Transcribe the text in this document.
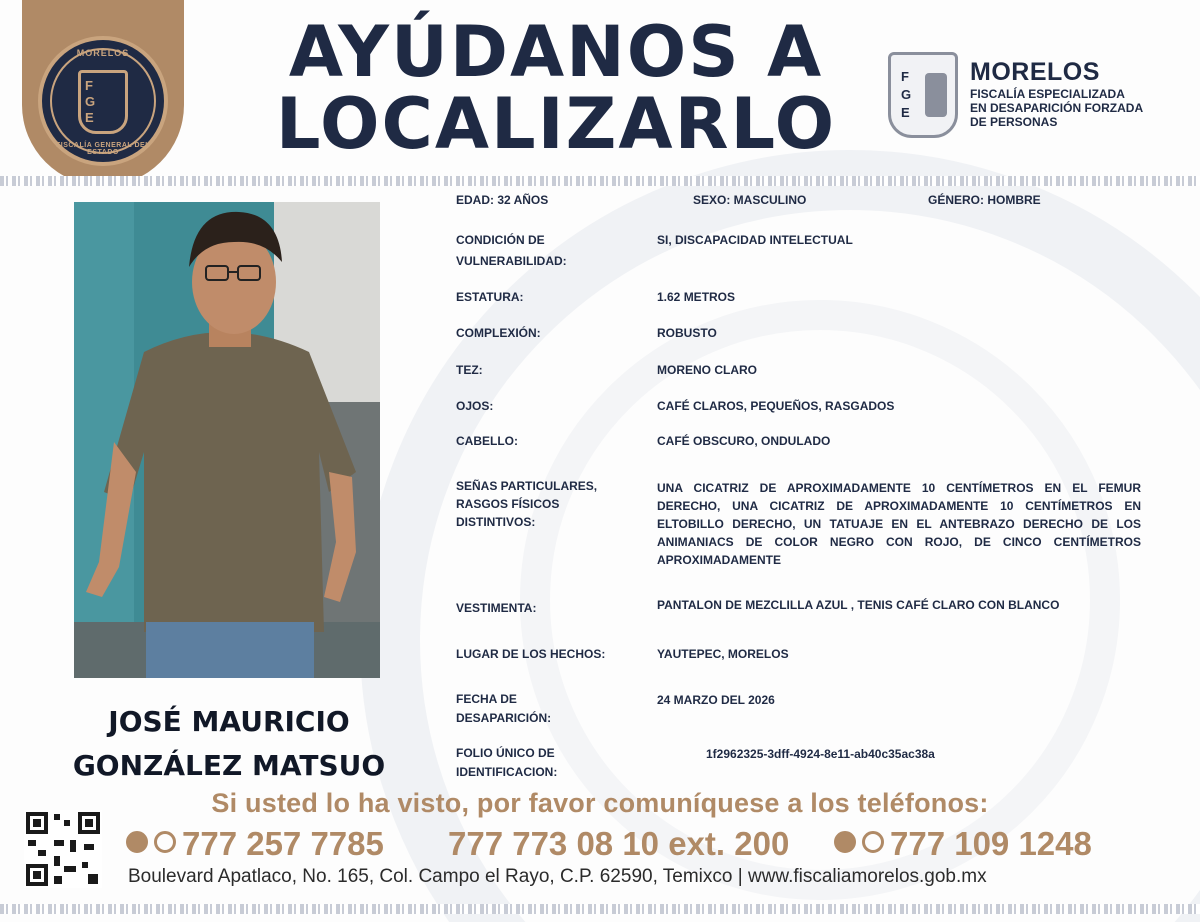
MORELOS
F
G
E
FISCALÍA GENERAL DEL ESTADO
AYÚDANOS A
LOCALIZARLO
F
G
E
MORELOS
FISCALÍA ESPECIALIZADA
EN DESAPARICIÓN FORZADA
DE PERSONAS
JOSÉ MAURICIO
GONZÁLEZ MATSUO
EDAD: 32 AÑOS	SEXO: MASCULINO	GÉNERO: HOMBRE
CONDICIÓN DE
VULNERABILIDAD:
SI, DISCAPACIDAD INTELECTUAL
ESTATURA:	1.62 METROS
COMPLEXIÓN:	ROBUSTO
TEZ:	MORENO CLARO
OJOS:	CAFÉ CLAROS, PEQUEÑOS, RASGADOS
CABELLO:	CAFÉ OBSCURO, ONDULADO
SEÑAS PARTICULARES,
RASGOS FÍSICOS
DISTINTIVOS:
UNA CICATRIZ DE APROXIMADAMENTE 10 CENTÍMETROS EN EL FEMUR DERECHO, UNA CICATRIZ DE APROXIMADAMENTE 10 CENTÍMETROS EN ELTOBILLO DERECHO, UN TATUAJE EN EL ANTEBRAZO DERECHO DE LOS ANIMANIACS DE COLOR NEGRO CON ROJO, DE CINCO CENTÍMETROS APROXIMADAMENTE
VESTIMENTA:	PANTALON DE MEZCLILLA AZUL , TENIS CAFÉ CLARO CON BLANCO
LUGAR DE LOS HECHOS:	YAUTEPEC, MORELOS
FECHA DE
DESAPARICIÓN:
24 MARZO DEL 2026
FOLIO ÚNICO DE
IDENTIFICACION:
1f2962325-3dff-4924-8e11-ab40c35ac38a
Si usted lo ha visto, por favor comuníquese a los teléfonos:
777 257 7785 777 773 08 10 ext. 200	777 109 1248
Boulevard Apatlaco, No. 165, Col. Campo el Rayo, C.P. 62590, Temixco | www.fiscaliamorelos.gob.mx
